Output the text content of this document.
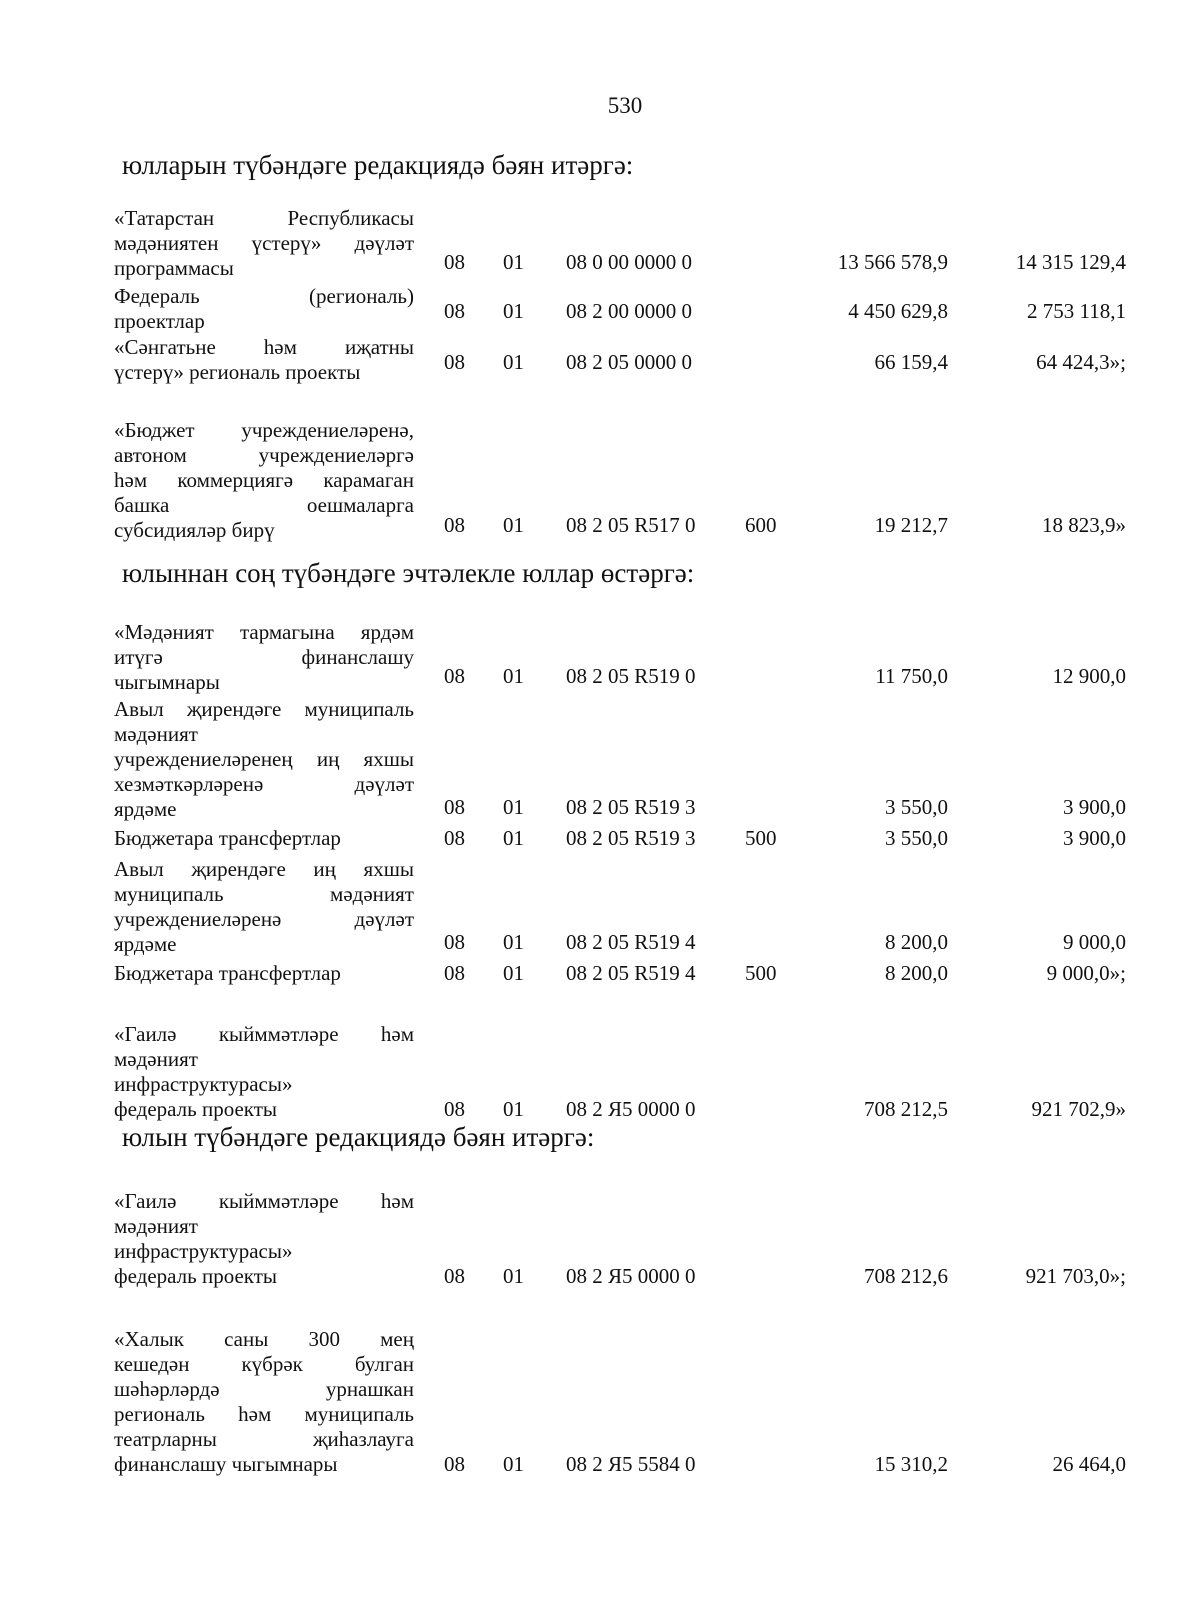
530
юлларын түбәндәге редакциядә бәян итәргә:
«Татарстан Республикасы
мәдәниятен үстерү» дәүләт
программасы	08 01 08 0 00 0000 0	13 566 578,9	14 315 129,4
Федераль (региональ)
проектлар	08 01 08 2 00 0000 0	4 450 629,8	2 753 118,1
«Сәнгатьне һәм иҗатны
үстерү» региональ проекты	08 01 08 2 05 0000 0	66 159,4	64 424,3»;
«Бюджет учреждениеләренә,
автоном учреждениеләргә
һәм коммерциягә карамаган
башка оешмаларга
субсидияләр бирү	08 01 08 2 05 R517 0 600	19 212,7	18 823,9»
юлыннан соң түбәндәге эчтәлекле юллар өстәргә:
«Мәдәният тармагына ярдәм
итүгә финанслашу
чыгымнары	08 01 08 2 05 R519 0	11 750,0	12 900,0
Авыл җирендәге муниципаль
мәдәният
учреждениеләренең иң яхшы
хезмәткәрләренә дәүләт
ярдәме	08 01 08 2 05 R519 3	3 550,0	3 900,0
Бюджетара трансфертлар	08 01 08 2 05 R519 3 500	3 550,0	3 900,0
Авыл җирендәге иң яхшы
муниципаль мәдәният
учреждениеләренә дәүләт
ярдәме	08 01 08 2 05 R519 4	8 200,0	9 000,0
Бюджетара трансфертлар	08 01 08 2 05 R519 4 500	8 200,0	9 000,0»;
«Гаилә кыйммәтләре һәм
мәдәният
инфраструктурасы»
федераль проекты	08 01 08 2 Я5 0000 0	708 212,5	921 702,9»
юлын түбәндәге редакциядә бәян итәргә:
«Гаилә кыйммәтләре һәм
мәдәният
инфраструктурасы»
федераль проекты	08 01 08 2 Я5 0000 0	708 212,6	921 703,0»;
«Халык саны 300 мең
кешедән күбрәк булган
шәһәрләрдә урнашкан
региональ һәм муниципаль
театрларны җиһазлауга
финанслашу чыгымнары	08 01 08 2 Я5 5584 0	15 310,2	26 464,0
